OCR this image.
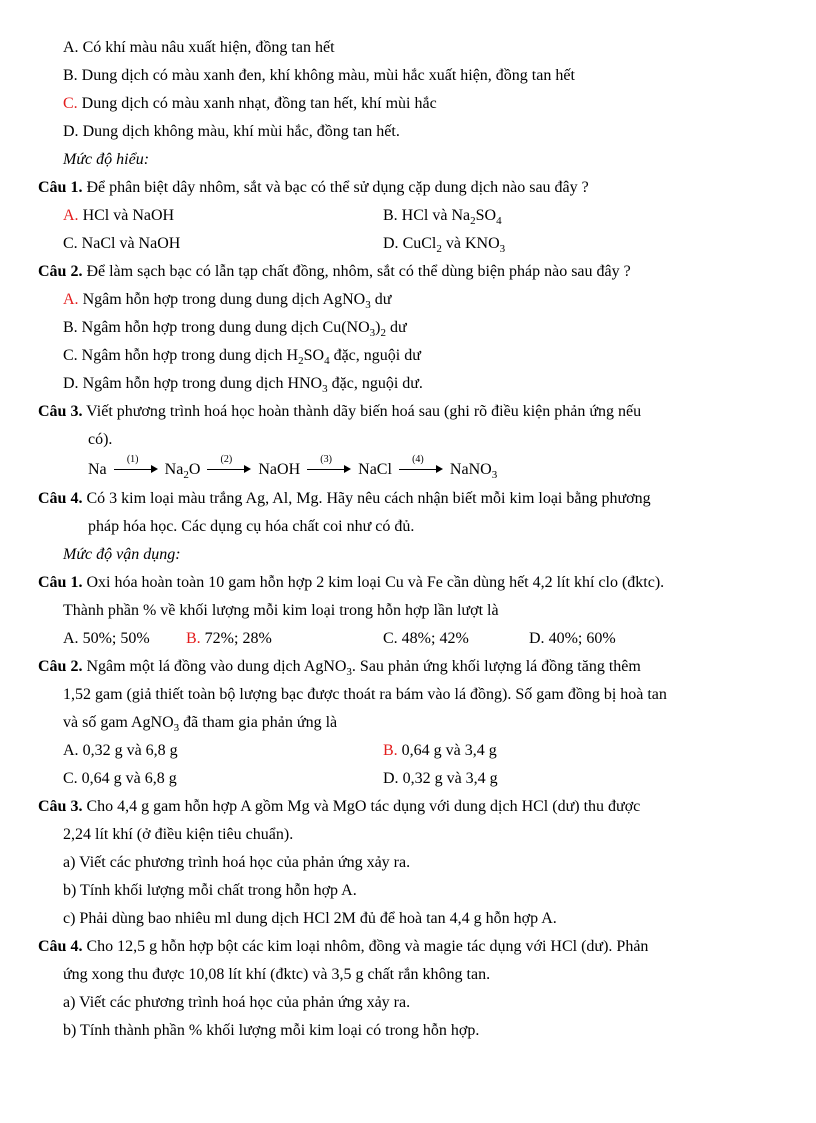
A. Có khí màu nâu xuất hiện, đồng tan hết
B. Dung dịch có màu xanh đen, khí không màu, mùi hắc xuất hiện, đồng tan hết
C. Dung dịch có màu xanh nhạt, đồng tan hết, khí mùi hắc
D. Dung dịch không màu, khí mùi hắc, đồng tan hết.
Mức độ hiểu:
Câu 1. Để phân biệt dây nhôm, sắt và bạc có thể sử dụng cặp dung dịch nào sau đây ?
A. HCl và NaOH	B. HCl và $Na_2SO_4$
C. NaCl và NaOH	D. CuCl$_2$ và $KNO_3$
Câu 2. Để làm sạch bạc có lẫn tạp chất đồng, nhôm, sắt có thể dùng biện pháp nào sau đây ?
A. Ngâm hỗn hợp trong dung dung dịch AgNO$_3$ dư
B. Ngâm hỗn hợp trong dung dung dịch $Cu(NO_3)_2$ dư
C. Ngâm hỗn hợp trong dung dịch $H_2SO_4$ đặc, nguội dư
D. Ngâm hỗn hợp trong dung dịch $HNO_3$ đặc, nguội dư.
Câu 3. Viết phương trình hoá học hoàn thành dãy biến hoá sau (ghi rõ điều kiện phản ứng nếu
có).
Na
(1)
$Na_2O$
(2)
NaOH
(3)
NaCl
(4)
NaNO$_3$
Câu 4. Có 3 kim loại màu trắng Ag, Al, Mg. Hãy nêu cách nhận biết mỗi kim loại bằng phương
pháp hóa học. Các dụng cụ hóa chất coi như có đủ.
Mức độ vận dụng:
Câu 1. Oxi hóa hoàn toàn 10 gam hỗn hợp 2 kim loại Cu và Fe cần dùng hết 4,2 lít khí clo (đktc).
Thành phần % về khối lượng mỗi kim loại trong hỗn hợp lần lượt là
A. 50%; 50% B. 72%; 28%	C. 48%; 42%	D. 40%; 60%
Câu 2. Ngâm một lá đồng vào dung dịch AgNO$_3$. Sau phản ứng khối lượng lá đồng tăng thêm
1,52 gam (giả thiết toàn bộ lượng bạc được thoát ra bám vào lá đồng). Số gam đồng bị hoà tan
và số gam AgNO$_3$ đã tham gia phản ứng là
A. 0,32 g và 6,8 g	B. 0,64 g và 3,4 g
C. 0,64 g và 6,8 g	D. 0,32 g và 3,4 g
Câu 3. Cho 4,4 g gam hỗn hợp A gồm Mg và MgO tác dụng với dung dịch HCl (dư) thu được
2,24 lít khí (ở điều kiện tiêu chuẩn).
a) Viết các phương trình hoá học của phản ứng xảy ra.
b) Tính khối lượng mỗi chất trong hỗn hợp A.
c) Phải dùng bao nhiêu ml dung dịch HCl 2M đủ để hoà tan 4,4 g hỗn hợp A.
Câu 4. Cho 12,5 g hỗn hợp bột các kim loại nhôm, đồng và magie tác dụng với HCl (dư). Phản
ứng xong thu được 10,08 lít khí (đktc) và 3,5 g chất rắn không tan.
a) Viết các phương trình hoá học của phản ứng xảy ra.
b) Tính thành phần % khối lượng mỗi kim loại có trong hỗn hợp.
